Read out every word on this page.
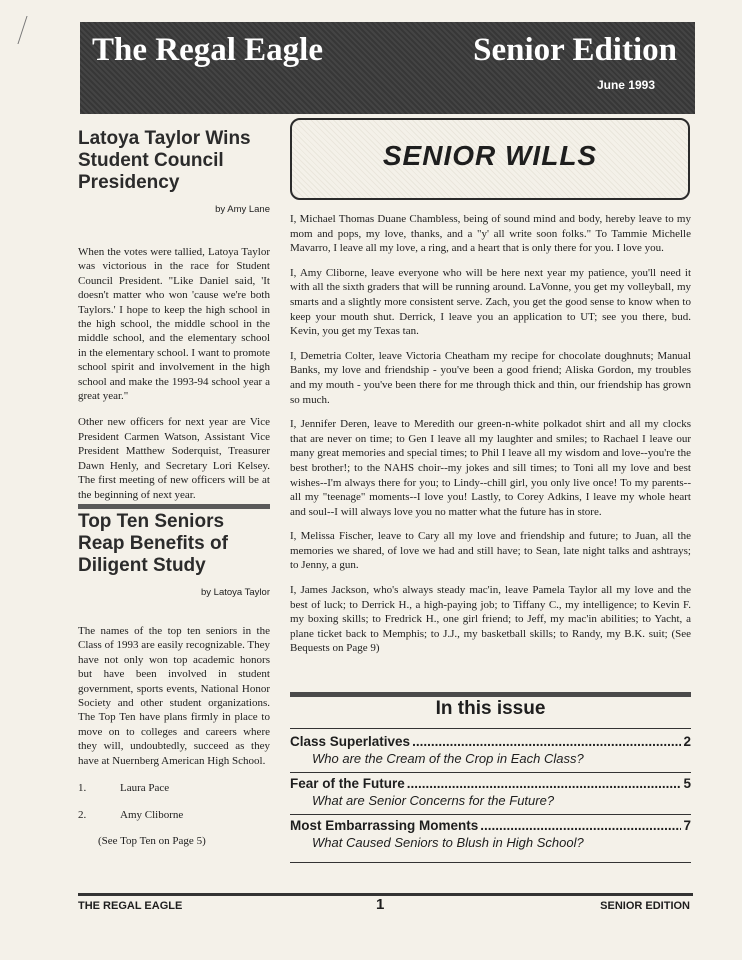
The Regal Eagle	Senior Edition
June 1993
Latoya Taylor Wins Student Council Presidency
by Amy Lane

When the votes were tallied, Latoya Taylor was victorious in the race for Student Council President. "Like Daniel said, 'It doesn't matter who won 'cause we're both Taylors.' I hope to keep the high school in the high school, the middle school in the middle school, and the elementary school in the elementary school. I want to promote school spirit and involvement in the high school and make the 1993-94 school year a great year."

Other new officers for next year are Vice President Carmen Watson, Assistant Vice President Matthew Soderquist, Treasurer Dawn Henly, and Secretary Lori Kelsey. The first meeting of new officers will be at the beginning of next year.

Top Ten Seniors Reap Benefits of Diligent Study
by Latoya Taylor

The names of the top ten seniors in the Class of 1993 are easily recognizable. They have not only won top academic honors but have been involved in student government, sports events, National Honor Society and other student organizations. The Top Ten have plans firmly in place to move on to colleges and careers where they will, undoubtedly, succeed as they have at Nuernberg American High School.

1.	Laura Pace
2.	Amy Cliborne
(See Top Ten on Page 5)
SENIOR WILLS

I, Michael Thomas Duane Chambless, being of sound mind and body, hereby leave to my mom and pops, my love, thanks, and a "y' all write soon folks." To Tammie Michelle Mavarro, I leave all my love, a ring, and a heart that is only there for you. I love you.

I, Amy Cliborne, leave everyone who will be here next year my patience, you'll need it with all the sixth graders that will be running around. LaVonne, you get my volleyball, my smarts and a slightly more consistent serve. Zach, you get the good sense to know when to keep your mouth shut. Derrick, I leave you an application to UT; see you there, bud. Kevin, you get my Texas tan.

I, Demetria Colter, leave Victoria Cheatham my recipe for chocolate doughnuts; Manual Banks, my love and friendship - you've been a good friend; Aliska Gordon, my troubles and my mouth - you've been there for me through thick and thin, our friendship has grown so much.

I, Jennifer Deren, leave to Meredith our green-n-white polkadot shirt and all my clocks that are never on time; to Gen I leave all my laughter and smiles; to Rachael I leave our many great memories and special times; to Phil I leave all my wisdom and love--you're the best brother!; to the NAHS choir--my jokes and sill times; to Toni all my love and best wishes--I'm always there for you; to Lindy--chill girl, you only live once! To my parents--all my "teenage" moments--I love you! Lastly, to Corey Adkins, I leave my whole heart and soul--I will always love you no matter what the future has in store.

I, Melissa Fischer, leave to Cary all my love and friendship and future; to Juan, all the memories we shared, of love we had and still have; to Sean, late night talks and ashtrays; to Jenny, a gun.

I, James Jackson, who's always steady mac'in, leave Pamela Taylor all my love and the best of luck; to Derrick H., a high-paying job; to Tiffany C., my intelligence; to Kevin F. my boxing skills; to Fredrick H., one girl friend; to Jeff, my mac'in abilities; to Yacht, a plane ticket back to Memphis; to J.J., my basketball skills; to Randy, my B.K. suit; (See Bequests on Page 9)

In this issue
Class Superlatives .....	2
Who are the Cream of the Crop in Each Class?
Fear of the Future .....	5
What are Senior Concerns for the Future?
Most Embarrassing Moments .....	7
What Caused Seniors to Blush in High School?
THE REGAL EAGLE	1	SENIOR EDITION
